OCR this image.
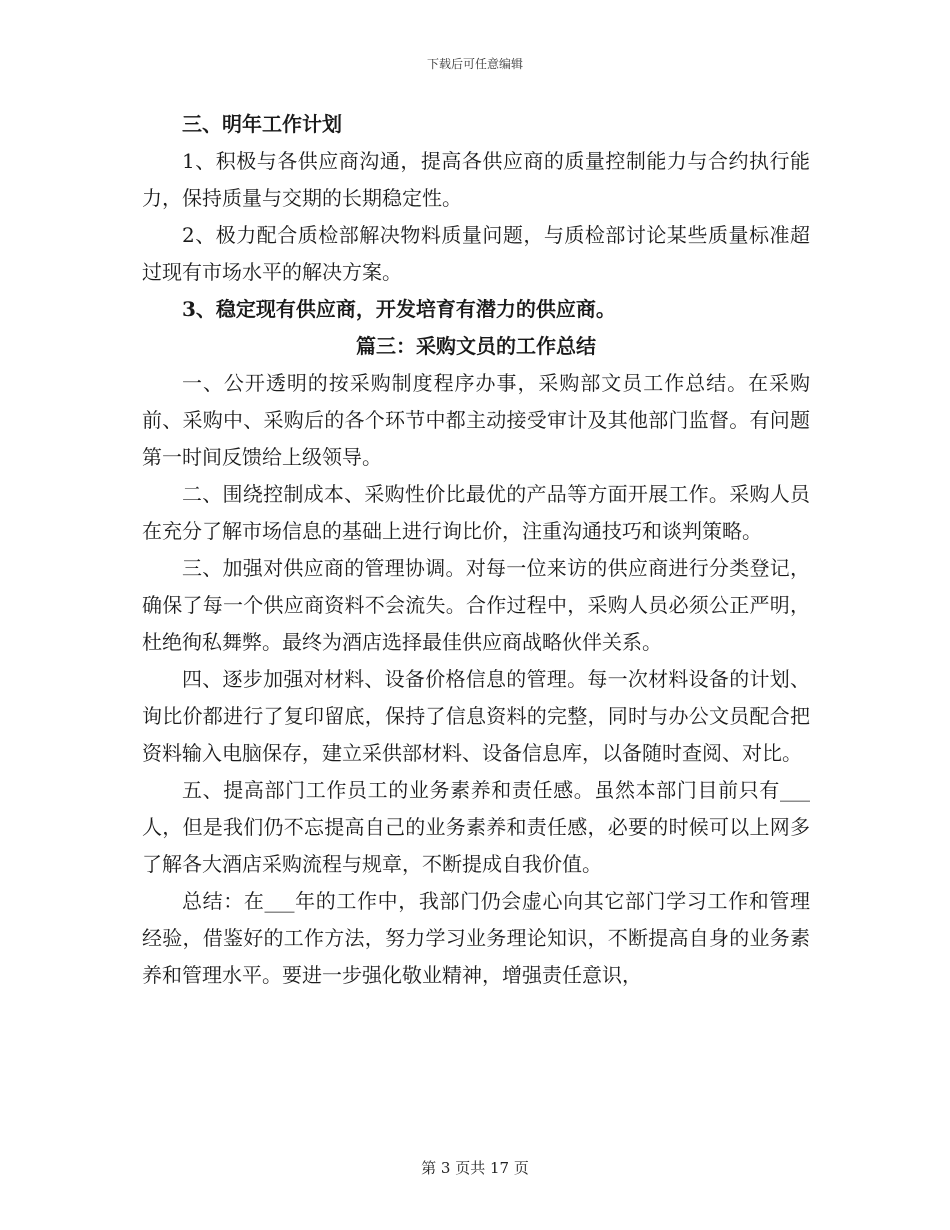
下载后可任意编辑

三、明年工作计划

1、积极与各供应商沟通，提高各供应商的质量控制能力与合约执行能力，保持质量与交期的长期稳定性。

2、极力配合质检部解决物料质量问题，与质检部讨论某些质量标准超过现有市场水平的解决方案。

3、稳定现有供应商，开发培育有潜力的供应商。

篇三：采购文员的工作总结

一、公开透明的按采购制度程序办事，采购部文员工作总结。在采购前、采购中、采购后的各个环节中都主动接受审计及其他部门监督。有问题第一时间反馈给上级领导。

二、围绕控制成本、采购性价比最优的产品等方面开展工作。采购人员在充分了解市场信息的基础上进行询比价，注重沟通技巧和谈判策略。

三、加强对供应商的管理协调。对每一位来访的供应商进行分类登记，确保了每一个供应商资料不会流失。合作过程中，采购人员必须公正严明，杜绝徇私舞弊。最终为酒店选择最佳供应商战略伙伴关系。

四、逐步加强对材料、设备价格信息的管理。每一次材料设备的计划、询比价都进行了复印留底，保持了信息资料的完整，同时与办公文员配合把资料输入电脑保存，建立采供部材料、设备信息库，以备随时查阅、对比。

五、提高部门工作员工的业务素养和责任感。虽然本部门目前只有___人，但是我们仍不忘提高自己的业务素养和责任感，必要的时候可以上网多了解各大酒店采购流程与规章，不断提成自我价值。

总结：在___年的工作中，我部门仍会虚心向其它部门学习工作和管理经验，借鉴好的工作方法，努力学习业务理论知识，不断提高自身的业务素养和管理水平。要进一步强化敬业精神，增强责任意识，

第 3 页共 17 页
